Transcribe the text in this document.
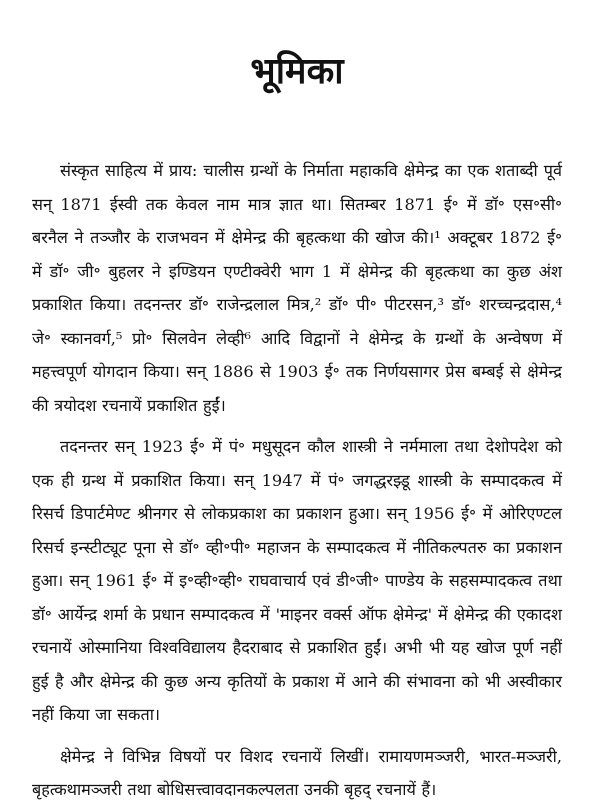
भूमिका

संस्कृत साहित्य में प्राय: चालीस ग्रन्थों के निर्माता महाकवि क्षेमेन्द्र का एक शताब्दी पूर्व सन् 1871 ईस्वी तक केवल नाम मात्र ज्ञात था। सितम्बर 1871 ई॰ में डॉ॰ एस॰सी॰ बरनैल ने तञ्जौर के राजभवन में क्षेमेन्द्र की बृहत्कथा की खोज की।¹ अक्टूबर 1872 ई॰ में डॉ॰ जी॰ बुहलर ने इण्डियन एण्टीक्वेरी भाग 1 में क्षेमेन्द्र की बृहत्कथा का कुछ अंश प्रकाशित किया। तदनन्तर डॉ॰ राजेन्द्रलाल मित्र,² डॉ॰ पी॰ पीटरसन,³ डॉ॰ शरच्चन्द्रदास,⁴ जे॰ स्कानवर्ग,⁵ प्रो॰ सिलवेन लेव्ही⁶ आदि विद्वानों ने क्षेमेन्द्र के ग्रन्थों के अन्वेषण में महत्त्वपूर्ण योगदान किया। सन् 1886 से 1903 ई॰ तक निर्णयसागर प्रेस बम्बई से क्षेमेन्द्र की त्रयोदश रचनायें प्रकाशित हुईं।

तदनन्तर सन् 1923 ई॰ में पं॰ मधुसूदन कौल शास्त्री ने नर्ममाला तथा देशोपदेश को एक ही ग्रन्थ में प्रकाशित किया। सन् 1947 में पं॰ जगद्धरझ्डू शास्त्री के सम्पादकत्व में रिसर्च डिपार्टमेण्ट श्रीनगर से लोकप्रकाश का प्रकाशन हुआ। सन् 1956 ई॰ में ओरिएण्टल रिसर्च इन्स्टीट्यूट पूना से डॉ॰ व्ही॰पी॰ महाजन के सम्पादकत्व में नीतिकल्पतरु का प्रकाशन हुआ। सन् 1961 ई॰ में इ॰व्ही॰व्ही॰ राघवाचार्य एवं डी॰जी॰ पाण्डेय के सहसम्पादकत्व तथा डॉ॰ आर्येन्द्र शर्मा के प्रधान सम्पादकत्व में 'माइनर वर्क्स ऑफ क्षेमेन्द्र' में क्षेमेन्द्र की एकादश रचनायें ओस्मानिया विश्वविद्यालय हैदराबाद से प्रकाशित हुईं। अभी भी यह खोज पूर्ण नहीं हुई है और क्षेमेन्द्र की कुछ अन्य कृतियों के प्रकाश में आने की संभावना को भी अस्वीकार नहीं किया जा सकता।

क्षेमेन्द्र ने विभिन्न विषयों पर विशद रचनायें लिखीं। रामायणमञ्जरी, भारत-मञ्जरी, बृहत्कथामञ्जरी तथा बोधिसत्त्वावदानकल्पलता उनकी बृहद् रचनायें हैं।
